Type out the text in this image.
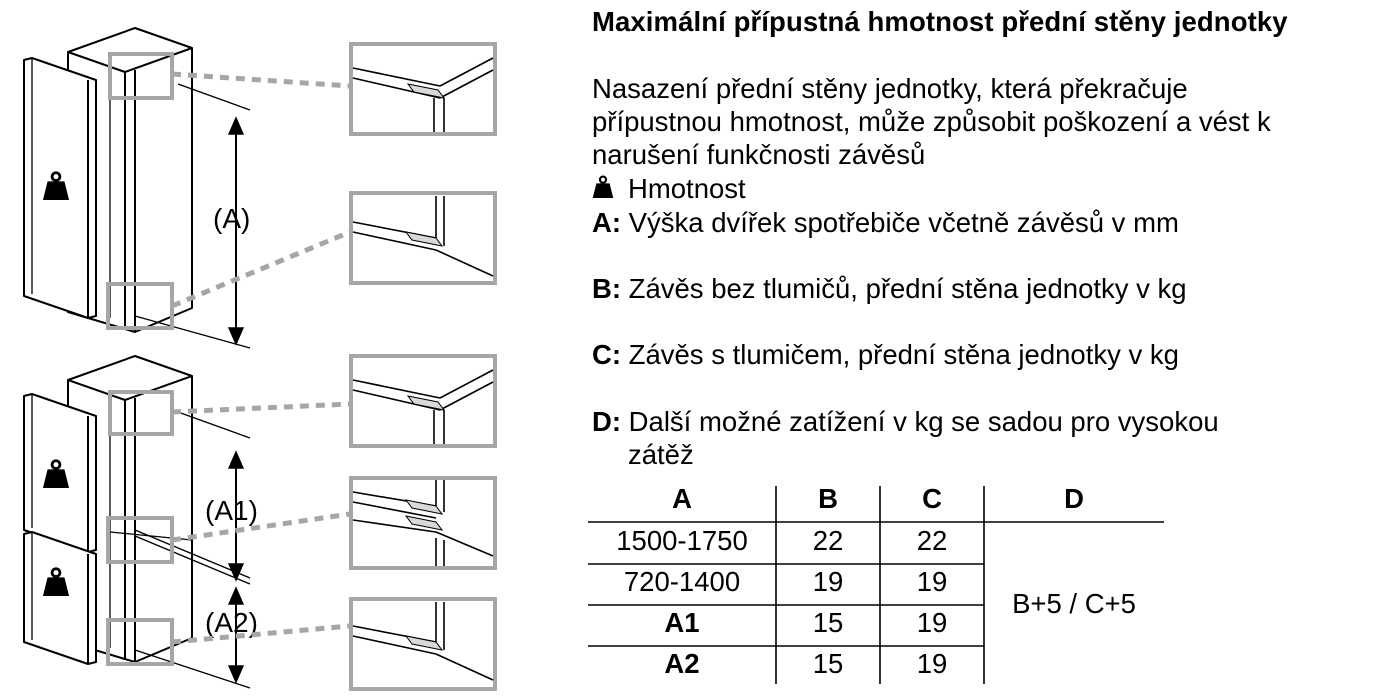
(A)
(A1)
(A2)
Maximální přípustná hmotnost přední stěny jednotky
Nasazení přední stěny jednotky, která překračuje
přípustnou hmotnost, může způsobit poškození a vést k
narušení funkčnosti závěsů
Hmotnost
A: Výška dvířek spotřebiče včetně závěsů v mm
B: Závěs bez tlumičů, přední stěna jednotky v kg
C: Závěs s tlumičem, přední stěna jednotky v kg
D: Další možné zatížení v kg se sadou pro vysokou
zátěž
A	B	C	D
1500-1750	22	22
720-1400	19	19
A1	15	19
A2	15	19
B+5 / C+5
